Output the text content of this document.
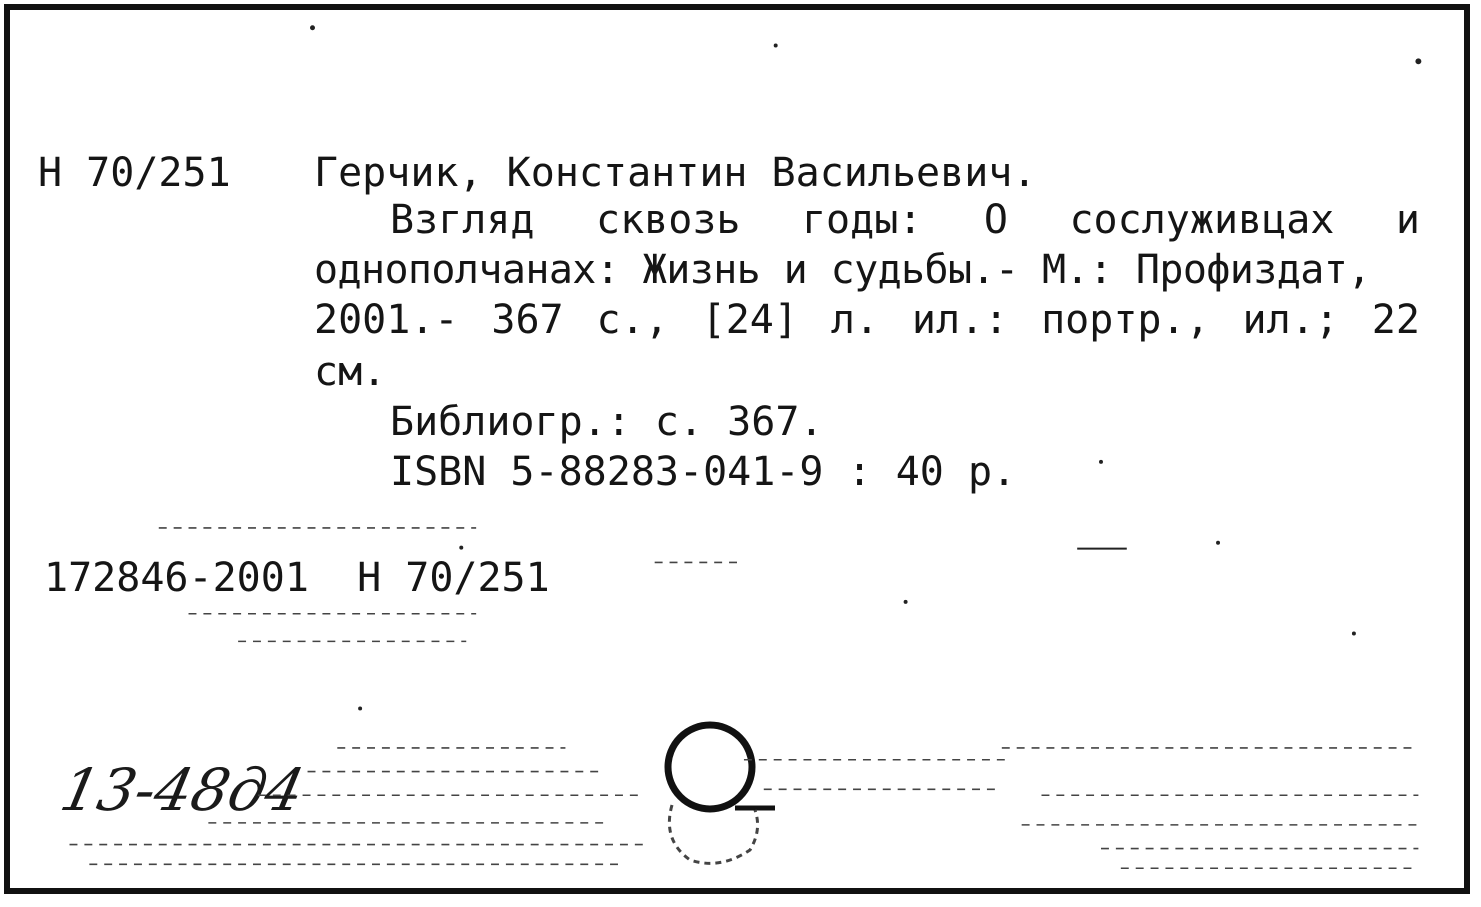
Н 70/251 Герчик, Константин Васильевич.
Взгляд сквозь годы: О сослуживцах и
однополчанах: Жизнь и судьбы.- М.: Профиздат,
2001.- 367 с., [24] л. ил.: портр., ил.; 22
см.
Библиогр.: с. 367.
ISBN 5-88283-041-9 : 40 р.
172846-2001  Н 70/251
13-48д4
